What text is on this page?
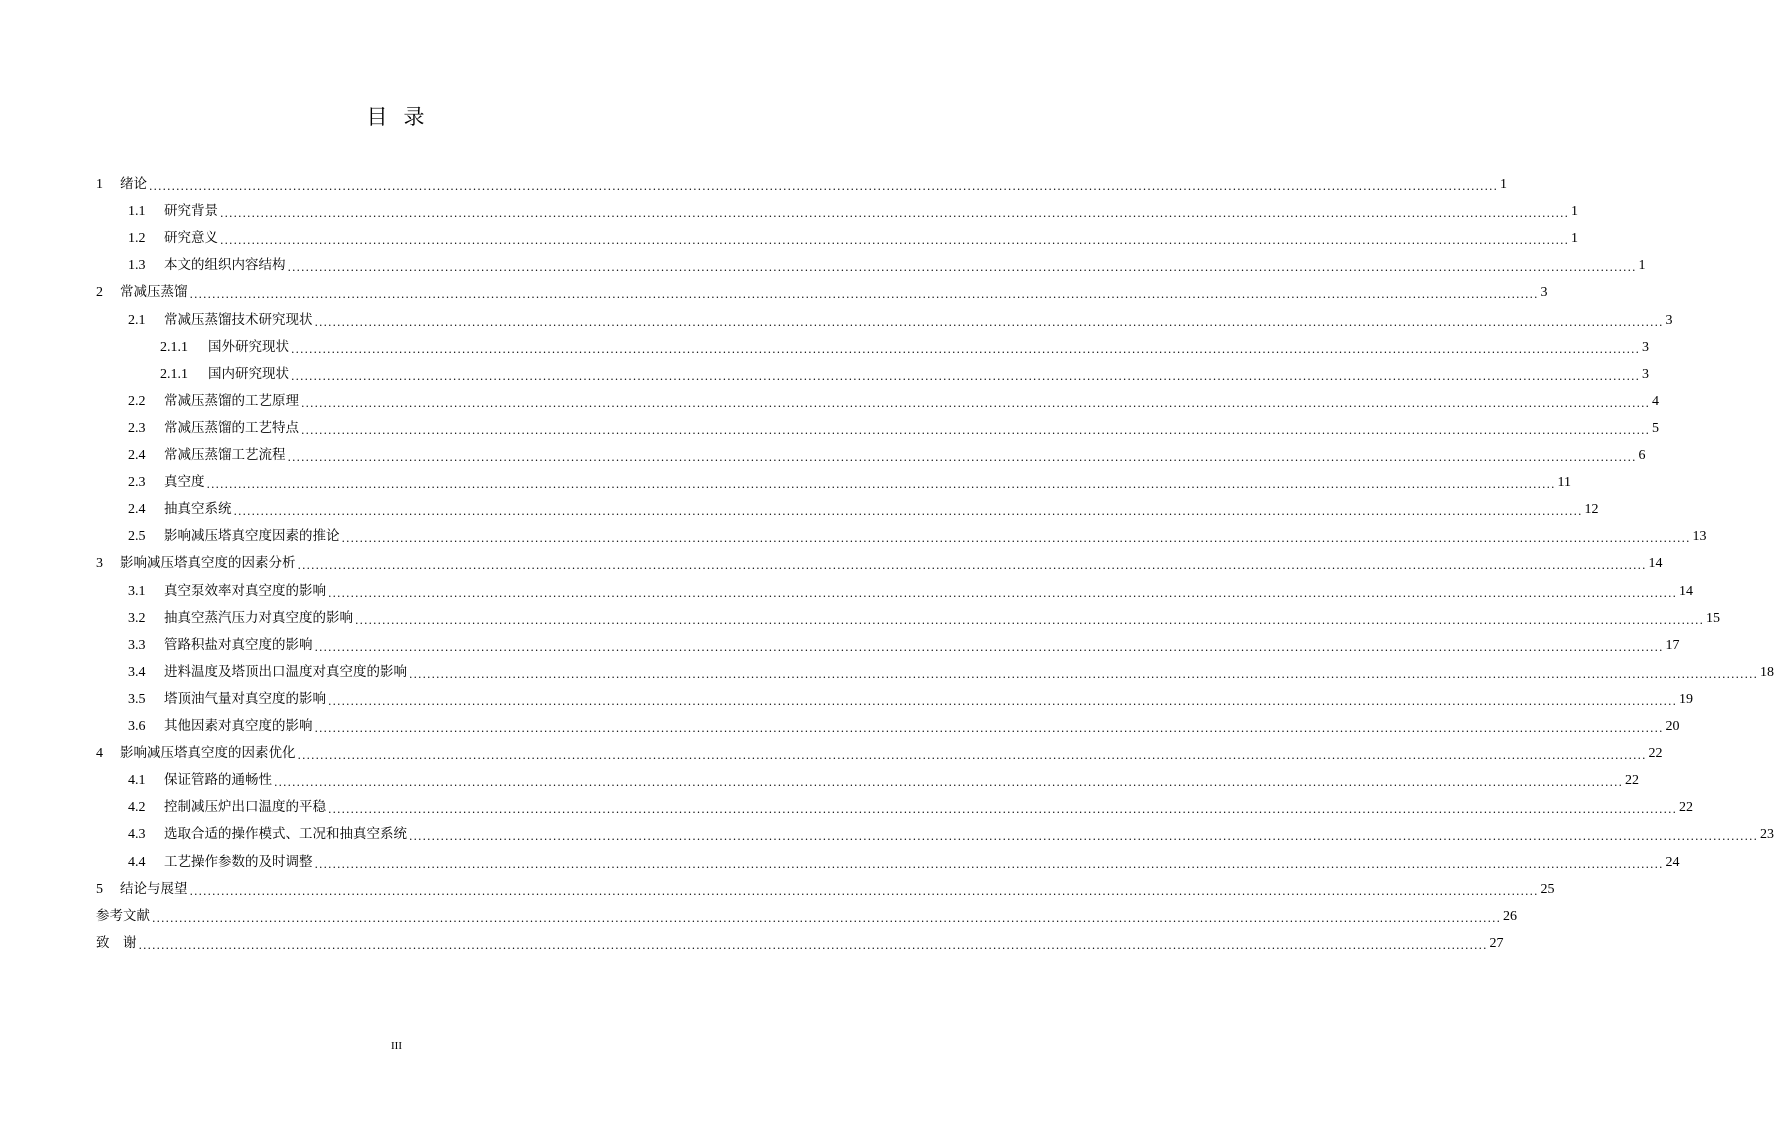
目 录
1	绪论 ............................................................................................................................................................................................................................................................................................................ 1
1.1	研究背景 ............................................................................................................................................................................................................................................................................................................ 1
1.2	研究意义 ............................................................................................................................................................................................................................................................................................................ 1
1.3	本文的组织内容结构 ............................................................................................................................................................................................................................................................................................................ 1
2	常减压蒸馏 ............................................................................................................................................................................................................................................................................................................ 3
2.1	常减压蒸馏技术研究现状 ............................................................................................................................................................................................................................................................................................................ 3
2.1.1	国外研究现状 ............................................................................................................................................................................................................................................................................................................ 3
2.1.1	国内研究现状 ............................................................................................................................................................................................................................................................................................................ 3
2.2	常减压蒸馏的工艺原理 ............................................................................................................................................................................................................................................................................................................ 4
2.3	常减压蒸馏的工艺特点 ............................................................................................................................................................................................................................................................................................................ 5
2.4	常减压蒸馏工艺流程 ............................................................................................................................................................................................................................................................................................................ 6
2.3	真空度 ............................................................................................................................................................................................................................................................................................................ 11
2.4	抽真空系统 ............................................................................................................................................................................................................................................................................................................ 12
2.5	影响减压塔真空度因素的推论 ............................................................................................................................................................................................................................................................................................................ 13
3	影响减压塔真空度的因素分析 ............................................................................................................................................................................................................................................................................................................ 14
3.1	真空泵效率对真空度的影响 ............................................................................................................................................................................................................................................................................................................ 14
3.2	抽真空蒸汽压力对真空度的影响 ............................................................................................................................................................................................................................................................................................................ 15
3.3	管路积盐对真空度的影响 ............................................................................................................................................................................................................................................................................................................ 17
3.4	进料温度及塔顶出口温度对真空度的影响 ............................................................................................................................................................................................................................................................................................................ 18
3.5	塔顶油气量对真空度的影响 ............................................................................................................................................................................................................................................................................................................ 19
3.6	其他因素对真空度的影响 ............................................................................................................................................................................................................................................................................................................ 20
4	影响减压塔真空度的因素优化 ............................................................................................................................................................................................................................................................................................................ 22
4.1	保证管路的通畅性 ............................................................................................................................................................................................................................................................................................................ 22
4.2	控制减压炉出口温度的平稳 ............................................................................................................................................................................................................................................................................................................ 22
4.3	选取合适的操作模式、工况和抽真空系统 ............................................................................................................................................................................................................................................................................................................ 23
4.4	工艺操作参数的及时调整 ............................................................................................................................................................................................................................................................................................................ 24
5	结论与展望 ............................................................................................................................................................................................................................................................................................................ 25
参考文献 ............................................................................................................................................................................................................................................................................................................ 26
致　谢 ............................................................................................................................................................................................................................................................................................................ 27
III
